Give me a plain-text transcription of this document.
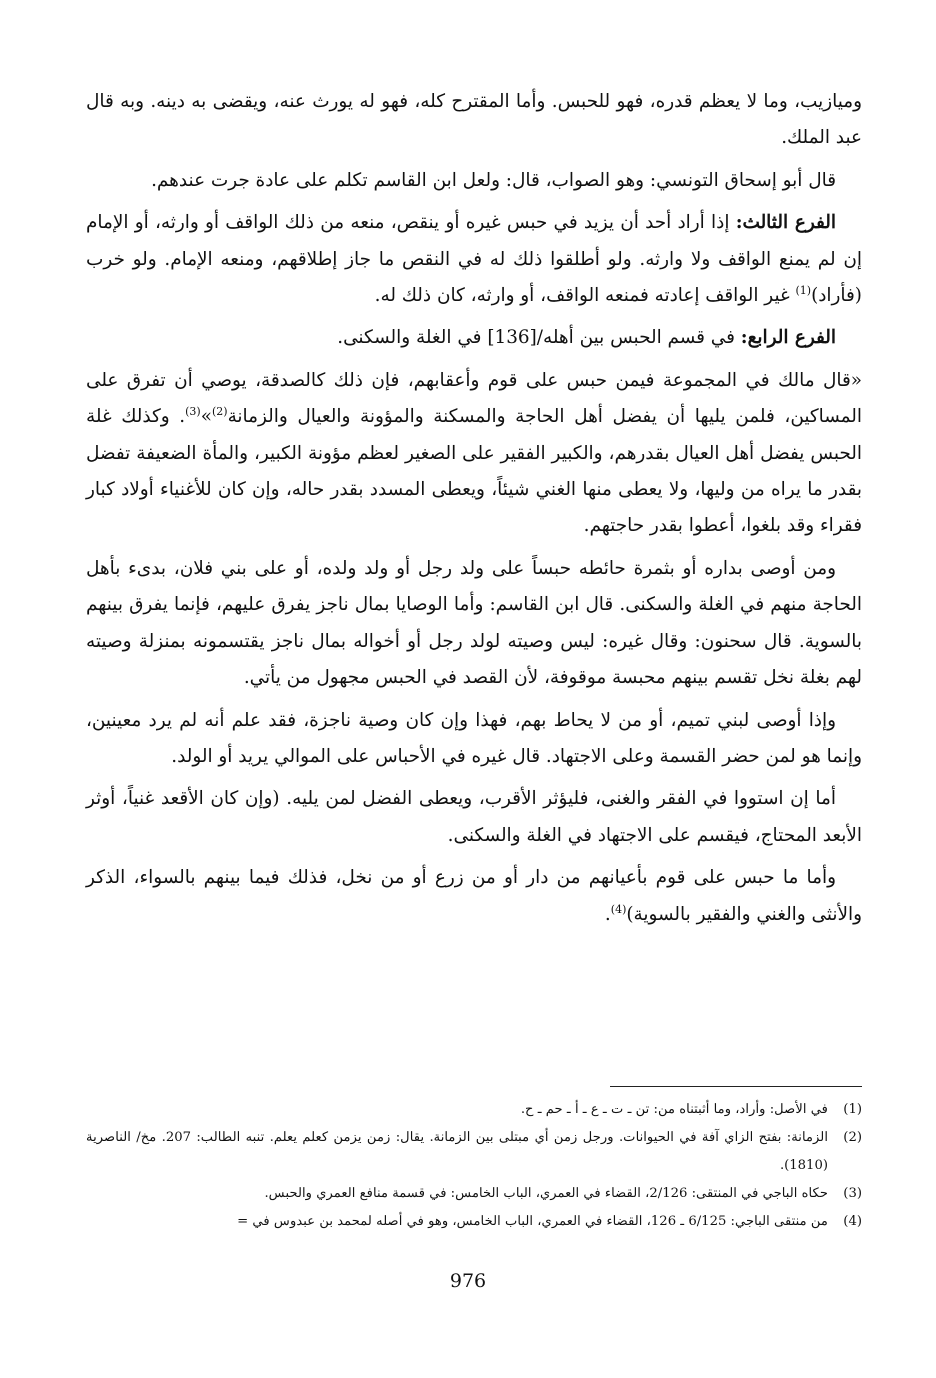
وميازيب، وما لا يعظم قدره، فهو للحبس. وأما المقترح كله، فهو له يورث عنه، ويقضى به دينه. وبه قال عبد الملك.

قال أبو إسحاق التونسي: وهو الصواب، قال: ولعل ابن القاسم تكلم على عادة جرت عندهم.

الفرع الثالث: إذا أراد أحد أن يزيد في حبس غيره أو ينقص، منعه من ذلك الواقف أو وارثه، أو الإمام إن لم يمنع الواقف ولا وارثه. ولو أطلقوا ذلك له في النقص ما جاز إطلاقهم، ومنعه الإمام. ولو خرب (فأراد)$^{(1)}$ غير الواقف إعادته فمنعه الواقف، أو وارثه، كان ذلك له.

الفرع الرابع: في قسم الحبس بين أهله/[136] في الغلة والسكنى.

«قال مالك في المجموعة فيمن حبس على قوم وأعقابهم، فإن ذلك كالصدقة، يوصي أن تفرق على المساكين، فلمن يليها أن يفضل أهل الحاجة والمسكنة والمؤونة والعيال والزمانة$^{(2)}$»$^{(3)}$. وكذلك غلة الحبس يفضل أهل العيال بقدرهم، والكبير الفقير على الصغير لعظم مؤونة الكبير، والمأة الضعيفة تفضل بقدر ما يراه من وليها، ولا يعطى منها الغني شيئاً، ويعطى المسدد بقدر حاله، وإن كان للأغنياء أولاد كبار فقراء وقد بلغوا، أعطوا بقدر حاجتهم.

ومن أوصى بداره أو بثمرة حائطه حبساً على ولد رجل أو ولد ولده، أو على بني فلان، بدىء بأهل الحاجة منهم في الغلة والسكنى. قال ابن القاسم: وأما الوصايا بمال ناجز يفرق عليهم، فإنما يفرق بينهم بالسوية. قال سحنون: وقال غيره: ليس وصيته لولد رجل أو أخواله بمال ناجز يقتسمونه بمنزلة وصيته لهم بغلة نخل تقسم بينهم محبسة موقوفة، لأن القصد في الحبس مجهول من يأتي.

وإذا أوصى لبني تميم، أو من لا يحاط بهم، فهذا وإن كان وصية ناجزة، فقد علم أنه لم يرد معينين، وإنما هو لمن حضر القسمة وعلى الاجتهاد. قال غيره في الأحباس على الموالي يريد أو الولد.

أما إن استووا في الفقر والغنى، فليؤثر الأقرب، ويعطى الفضل لمن يليه. (وإن كان الأقعد غنياً، أوثر الأبعد المحتاج، فيقسم على الاجتهاد في الغلة والسكنى.

وأما ما حبس على قوم بأعيانهم من دار أو من زرع أو من نخل، فذلك فيما بينهم بالسواء، الذكر والأنثى والغني والفقير بالسوية)$^{(4)}$.

(1)
في الأصل: وأراد، وما أثبتناه من: تن ـ ت ـ ع ـ أ ـ حم ـ ح.
(2)
الزمانة: بفتح الزاي آفة في الحيوانات. ورجل زمن أي مبتلى بين الزمانة. يقال: زمن يزمن كعلم يعلم. تنبه الطالب: 207. مخ/ الناصرية (1810).
(3)
حكاه الباجي في المنتقى: 2/126، القضاء في العمري، الباب الخامس: في قسمة منافع العمري والحبس.
(4)
من منتقى الباجي: 6/125 ـ 126، القضاء في العمري، الباب الخامس، وهو في أصله لمحمد بن عبدوس في =
976
